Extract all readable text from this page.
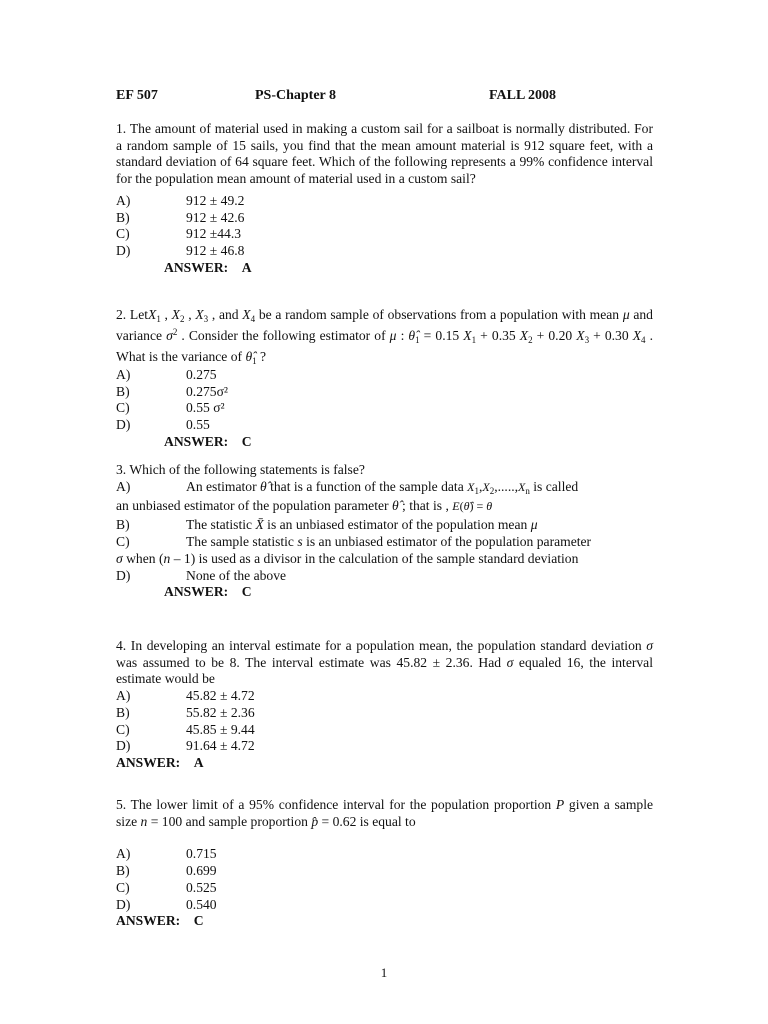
EF 507	PS-Chapter 8	FALL 2008

1. The amount of material used in making a custom sail for a sailboat is normally distributed. For a random sample of 15 sails, you find that the mean amount material is 912 square feet, with a standard deviation of 64 square feet. Which of the following represents a 99% confidence interval for the population mean amount of material used in a custom sail?

A)	912 ± 49.2
B)	912 ± 42.6
C)	912 ±44.3
D)	912 ± 46.8
ANSWER: A

2. LetX$_1$ , $X_2$ , $X_3$ , and $X_4$ be a random sample of observations from a population with mean μ and variance $\sigma^2$ . Consider the following estimator of μ : $\thetâ_1 = 0.15$ $X_1 + 0.35$ $X_2 + 0.20$ $X_3 + 0.30$ $X_4$ . What is the variance of $\thetâ_1$ ?

A)	0.275
B)	0.275σ²
C)	0.55 σ²
D)	0.55
ANSWER: C

3. Which of the following statements is false?

A)	An estimator θ̂ that is a function of the sample data $X_1,X_2,.....,X_n$ is called

an unbiased estimator of the population parameter θ̂ ; that is , E(θ̂) = θ

B)	The statistic X̄ is an unbiased estimator of the population mean μ
C)	The sample statistic s is an unbiased estimator of the population parameter

σ when (n – 1) is used as a divisor in the calculation of the sample standard deviation

D)	None of the above
ANSWER: C

4. In developing an interval estimate for a population mean, the population standard deviation σ was assumed to be 8. The interval estimate was 45.82 ± 2.36. Had σ equaled 16, the interval estimate would be

A)	45.82 ± 4.72
B)	55.82 ± 2.36
C)	45.85 ± 9.44
D)	91.64 ± 4.72
ANSWER: A

5. The lower limit of a 95% confidence interval for the population proportion P given a sample size n = 100 and sample proportion p̂ = 0.62 is equal to

A)	0.715
B)	0.699
C)	0.525
D)	0.540
ANSWER: C
1
